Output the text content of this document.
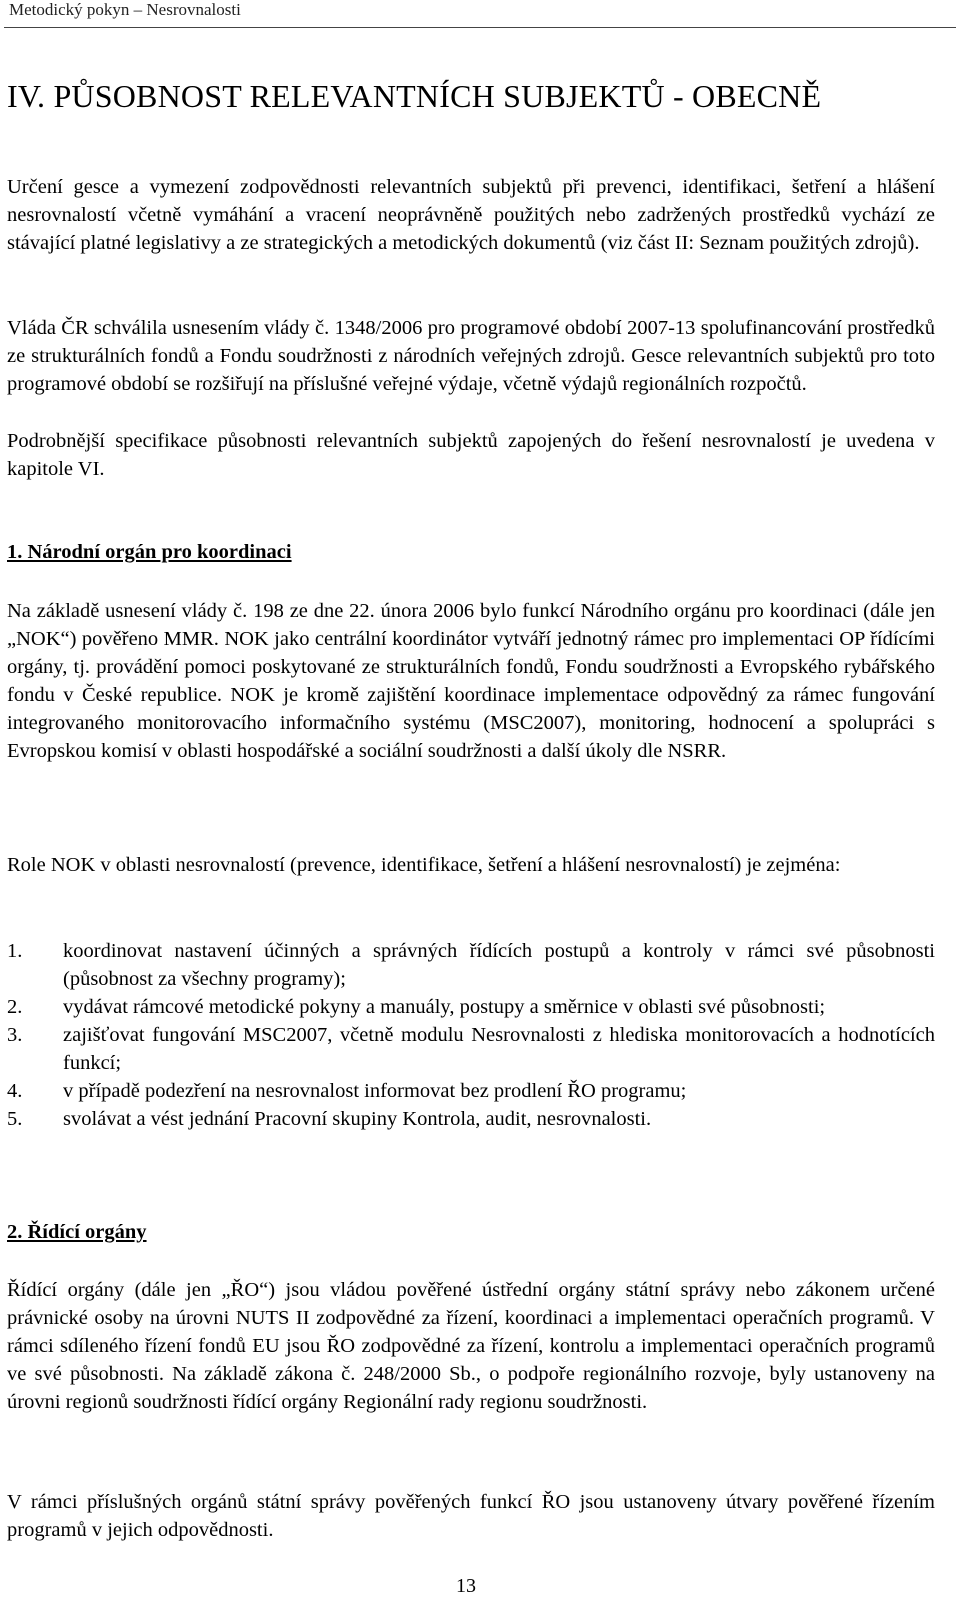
Metodický pokyn – Nesrovnalosti
IV. PŮSOBNOST RELEVANTNÍCH SUBJEKTŮ - OBECNĚ

Určení gesce a vymezení zodpovědnosti relevantních subjektů při prevenci, identifikaci, šetření a hlášení nesrovnalostí včetně vymáhání a vracení neoprávněně použitých nebo zadržených prostředků vychází ze stávající platné legislativy a ze strategických a metodických dokumentů (viz část II: Seznam použitých zdrojů).

Vláda ČR schválila usnesením vlády č. 1348/2006 pro programové období 2007-13 spolufinancování prostředků ze strukturálních fondů a Fondu soudržnosti z národních veřejných zdrojů. Gesce relevantních subjektů pro toto programové období se rozšiřují na příslušné veřejné výdaje, včetně výdajů regionálních rozpočtů.

Podrobnější specifikace působnosti relevantních subjektů zapojených do řešení nesrovnalostí je uvedena v kapitole VI.

1. Národní orgán pro koordinaci

Na základě usnesení vlády č. 198 ze dne 22. února 2006 bylo funkcí Národního orgánu pro koordinaci (dále jen „NOK“) pověřeno MMR. NOK jako centrální koordinátor vytváří jednotný rámec pro implementaci OP řídícími orgány, tj. provádění pomoci poskytované ze strukturálních fondů, Fondu soudržnosti a Evropského rybářského fondu v České republice. NOK je kromě zajištění koordinace implementace odpovědný za rámec fungování integrovaného monitorovacího informačního systému (MSC2007), monitoring, hodnocení a spolupráci s Evropskou komisí v oblasti hospodářské a sociální soudržnosti a další úkoly dle NSRR.

Role NOK v oblasti nesrovnalostí (prevence, identifikace, šetření a hlášení nesrovnalostí) je zejména:

1. koordinovat nastavení účinných a správných řídících postupů a kontroly v rámci své působnosti (působnost za všechny programy);
2. vydávat rámcové metodické pokyny a manuály, postupy a směrnice v oblasti své působnosti;
3. zajišťovat fungování MSC2007, včetně modulu Nesrovnalosti z hlediska monitorovacích a hodnotících funkcí;
4. v případě podezření na nesrovnalost informovat bez prodlení ŘO programu;
5. svolávat a vést jednání Pracovní skupiny Kontrola, audit, nesrovnalosti.
2. Řídící orgány

Řídící orgány (dále jen „ŘO“) jsou vládou pověřené ústřední orgány státní správy nebo zákonem určené právnické osoby na úrovni NUTS II zodpovědné za řízení, koordinaci a implementaci operačních programů. V rámci sdíleného řízení fondů EU jsou ŘO zodpovědné za řízení, kontrolu a implementaci operačních programů ve své působnosti. Na základě zákona č. 248/2000 Sb., o podpoře regionálního rozvoje, byly ustanoveny na úrovni regionů soudržnosti řídící orgány Regionální rady regionu soudržnosti.

V rámci příslušných orgánů státní správy pověřených funkcí ŘO jsou ustanoveny útvary pověřené řízením programů v jejich odpovědnosti.

13
